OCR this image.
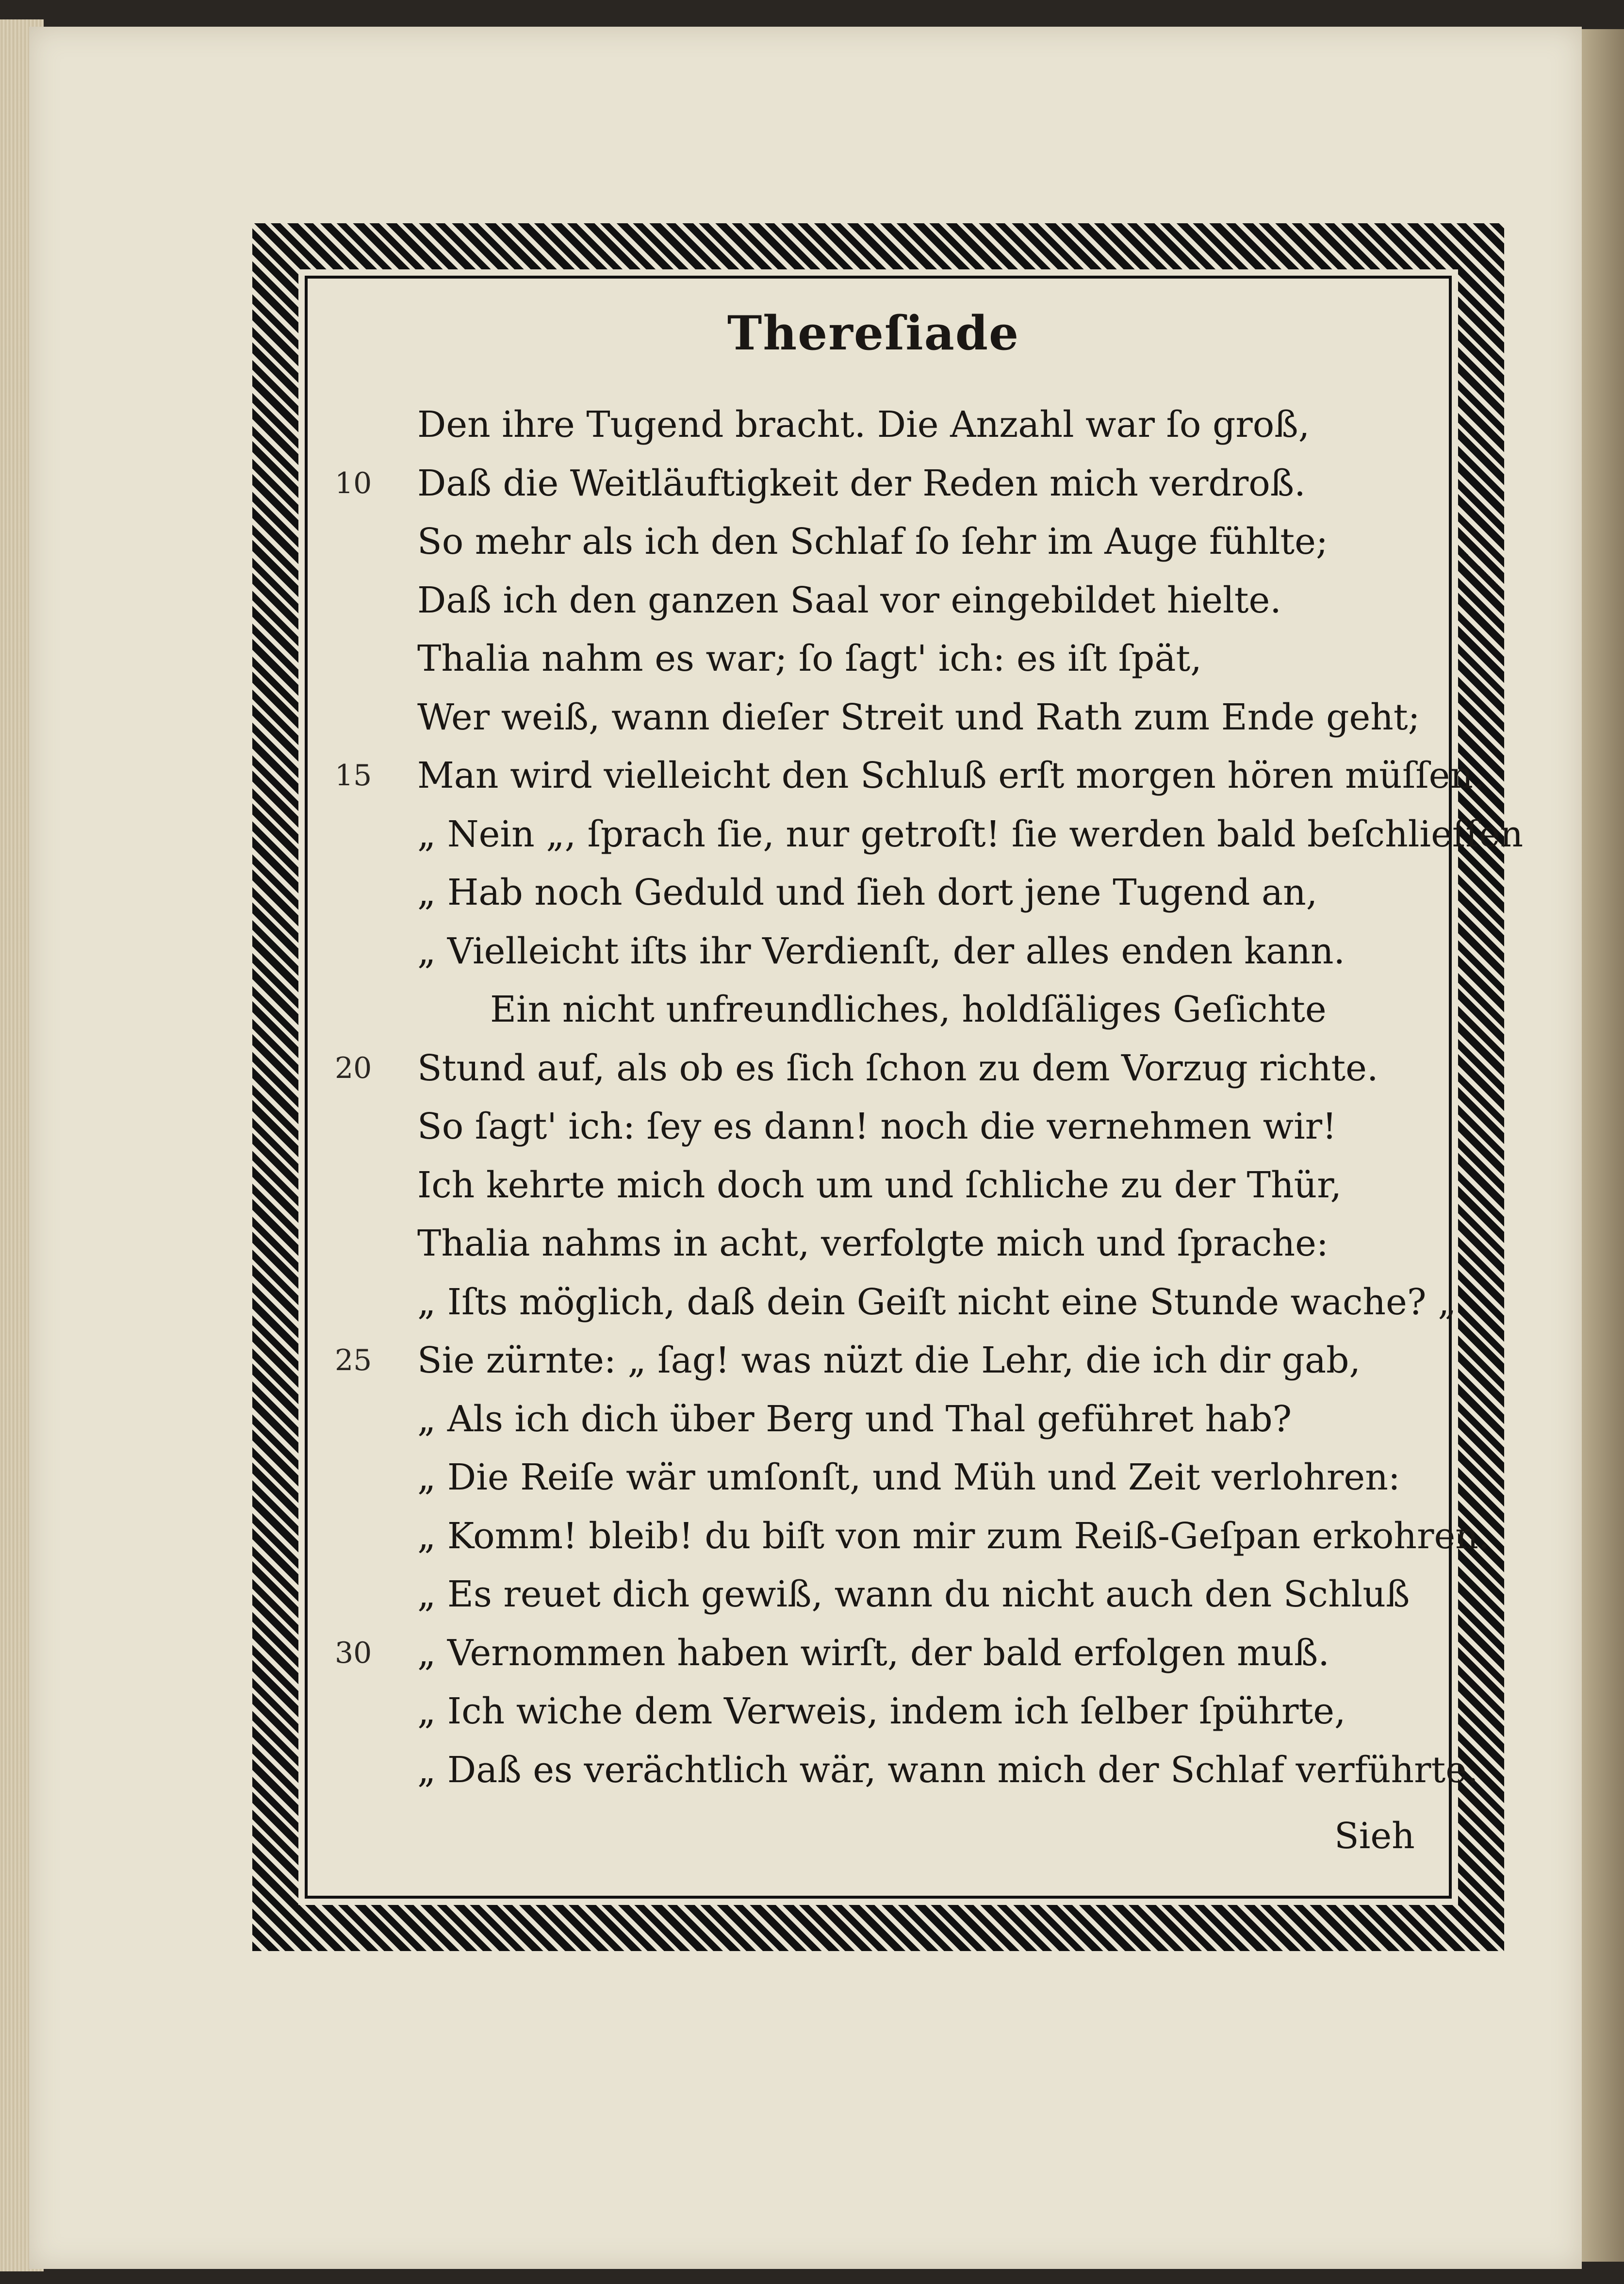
Thereſiade
Den ihre Tugend bracht. Die Anzahl war ſo groß,
10	Daß die Weitläuftigkeit der Reden mich verdroß.
So mehr als ich den Schlaf ſo ſehr im Auge fühlte;
Daß ich den ganzen Saal vor eingebildet hielte.
Thalia nahm es war; ſo ſagt' ich: es iſt ſpät,
Wer weiß, wann dieſer Streit und Rath zum Ende geht;
15	Man wird vielleicht den Schluß erſt morgen hören müſſen.
„ Nein „, ſprach ſie, nur getroſt! ſie werden bald beſchlieſſen
„ Hab noch Geduld und ſieh dort jene Tugend an,
„ Vielleicht iſts ihr Verdienſt, der alles enden kann.
Ein nicht unfreundliches, holdſäliges Geſichte
20	Stund auf, als ob es ſich ſchon zu dem Vorzug richte.
So ſagt' ich: ſey es dann! noch die vernehmen wir!
Ich kehrte mich doch um und ſchliche zu der Thür,
Thalia nahms in acht, verfolgte mich und ſprache:
„ Iſts möglich, daß dein Geiſt nicht eine Stunde wache? „
25	Sie zürnte: „ ſag! was nüzt die Lehr, die ich dir gab,
„ Als ich dich über Berg und Thal geführet hab?
„ Die Reiſe wär umſonſt, und Müh und Zeit verlohren:
„ Komm! bleib! du biſt von mir zum Reiß-Geſpan erkohren.
„ Es reuet dich gewiß, wann du nicht auch den Schluß
30	„ Vernommen haben wirſt, der bald erfolgen muß.
„ Ich wiche dem Verweis, indem ich ſelber ſpührte,
„ Daß es verächtlich wär, wann mich der Schlaf verführte.
Sieh
